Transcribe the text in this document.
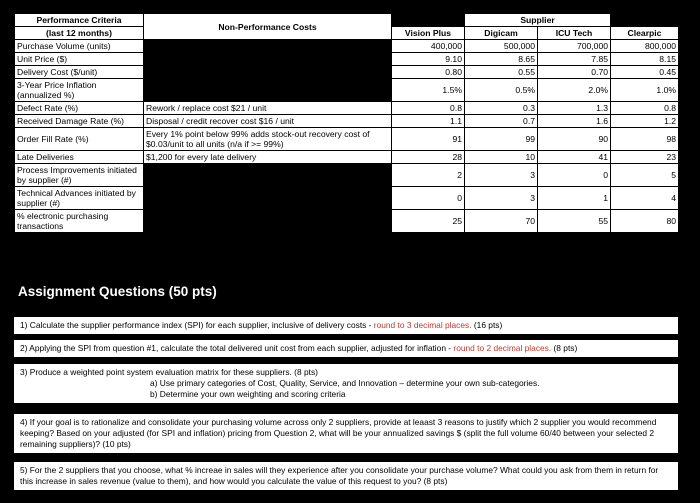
Performance Criteria	Non-Performance Costs		Supplier		
(last 12 months)		Vision Plus	Digicam	ICU Tech	Clearpic
Purchase Volume (units)		400,000	500,000	700,000	800,000
Unit Price ($)		9.10	8.65	7.85	8.15
Delivery Cost ($/unit)		0.80	0.55	0.70	0.45
3-Year Price Inflation (annualized %)		1.5%	0.5%	2.0%	1.0%
Defect Rate (%)	Rework / replace cost $21 / unit	0.8	0.3	1.3	0.8
Received Damage Rate (%)	Disposal / credit recover cost $16 / unit	1.1	0.7	1.6	1.2
Order Fill Rate (%)	Every 1% point below 99% adds stock-out recovery cost of $0.03/unit to all units (n/a if >= 99%)	91	99	90	98
Late Deliveries	$1,200 for every late delivery	28	10	41	23
Process Improvements initiated by supplier (#)		2	3	0	5
Technical Advances initiated by supplier (#)		0	3	1	4
% electronic purchasing transactions		25	70	55	80
Assignment Questions (50 pts)
1) Calculate the supplier performance index (SPI) for each supplier, inclusive of delivery costs - round to 3 decimal places. (16 pts)
2) Applying the SPI from question #1, calculate the total delivered unit cost from each supplier, adjusted for inflation - round to 2 decimal places. (8 pts)
3) Produce a weighted point system evaluation matrix for these suppliers. (8 pts)
a) Use primary categories of Cost, Quality, Service, and Innovation – determine your own sub-categories.
b) Determine your own weighting and scoring criteria
4) If your goal is to rationalize and consolidate your purchasing volume across only 2 suppliers, provide at leaast 3 reasons to justify which 2 supplier you would recommend keeping? Based on your adjusted (for SPI and inflation) pricing from Question 2, what will be your annualized savings $ (split the full volume 60/40 between your selected 2 remaining suppliers)? (10 pts)
5) For the 2 suppliers that you choose, what % increae in sales will they experience after you consolidate your purchase volume? What could you ask from them in return for this increase in sales revenue (value to them), and how would you calculate the value of this request to you? (8 pts)
